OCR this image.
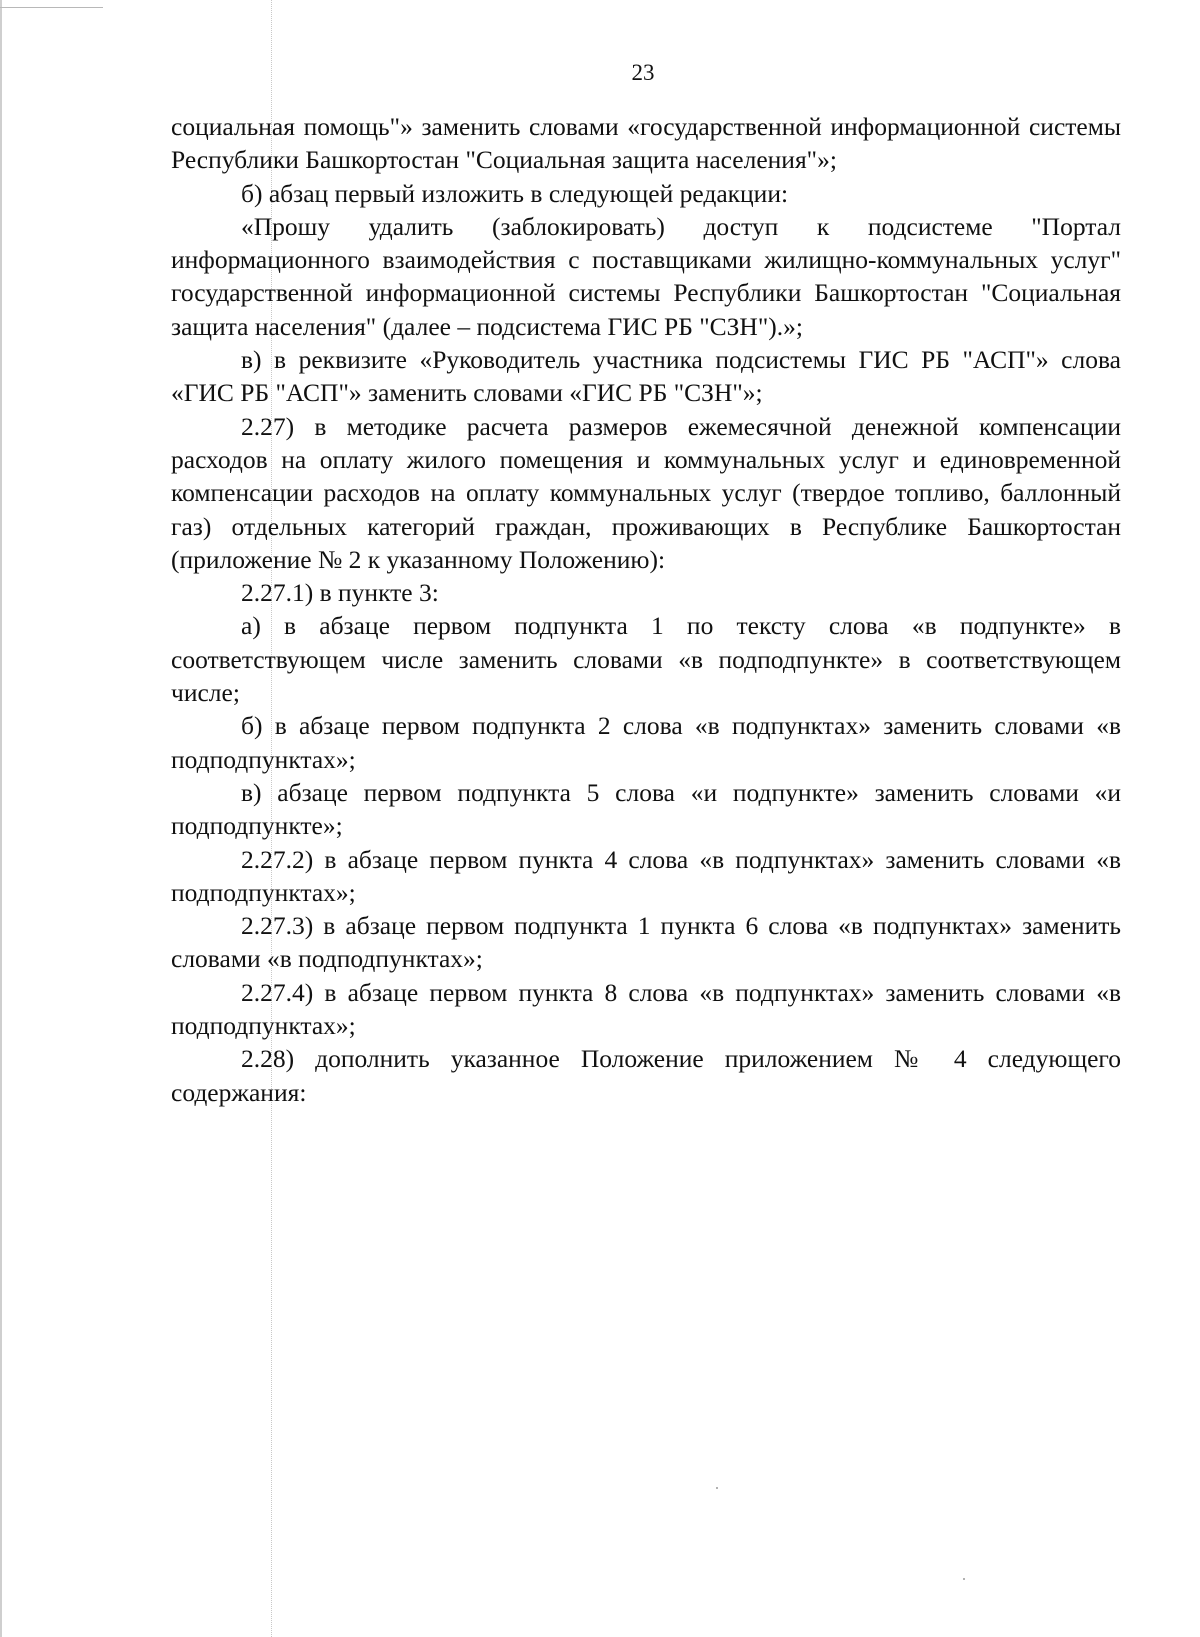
23

социальная помощь"» заменить словами «государственной информационной системы Республики Башкортостан "Социальная защита населения"»;

б) абзац первый изложить в следующей редакции:

«Прошу удалить (заблокировать) доступ к подсистеме "Портал информационного взаимодействия с поставщиками жилищно-коммунальных услуг" государственной информационной системы Республики Башкортостан "Социальная защита населения" (далее – подсистема ГИС РБ "СЗН").»;

в) в реквизите «Руководитель участника подсистемы ГИС РБ "АСП"» слова «ГИС РБ "АСП"» заменить словами «ГИС РБ "СЗН"»;

2.27) в методике расчета размеров ежемесячной денежной компенсации расходов на оплату жилого помещения и коммунальных услуг и единовременной компенсации расходов на оплату коммунальных услуг (твердое топливо, баллонный газ) отдельных категорий граждан, проживающих в Республике Башкортостан (приложение № 2 к указанному Положению):

2.27.1) в пункте 3:

а) в абзаце первом подпункта 1 по тексту слова «в подпункте» в соответствующем числе заменить словами «в подподпункте» в соответствующем числе;

б) в абзаце первом подпункта 2 слова «в подпунктах» заменить словами «в подподпунктах»;

в) абзаце первом подпункта 5 слова «и подпункте» заменить словами «и подподпункте»;

2.27.2) в абзаце первом пункта 4 слова «в подпунктах» заменить словами «в подподпунктах»;

2.27.3) в абзаце первом подпункта 1 пункта 6 слова «в подпунктах» заменить словами «в подподпунктах»;

2.27.4) в абзаце первом пункта 8 слова «в подпунктах» заменить словами «в подподпунктах»;

2.28) дополнить указанное Положение приложением № 4 следующего содержания:
